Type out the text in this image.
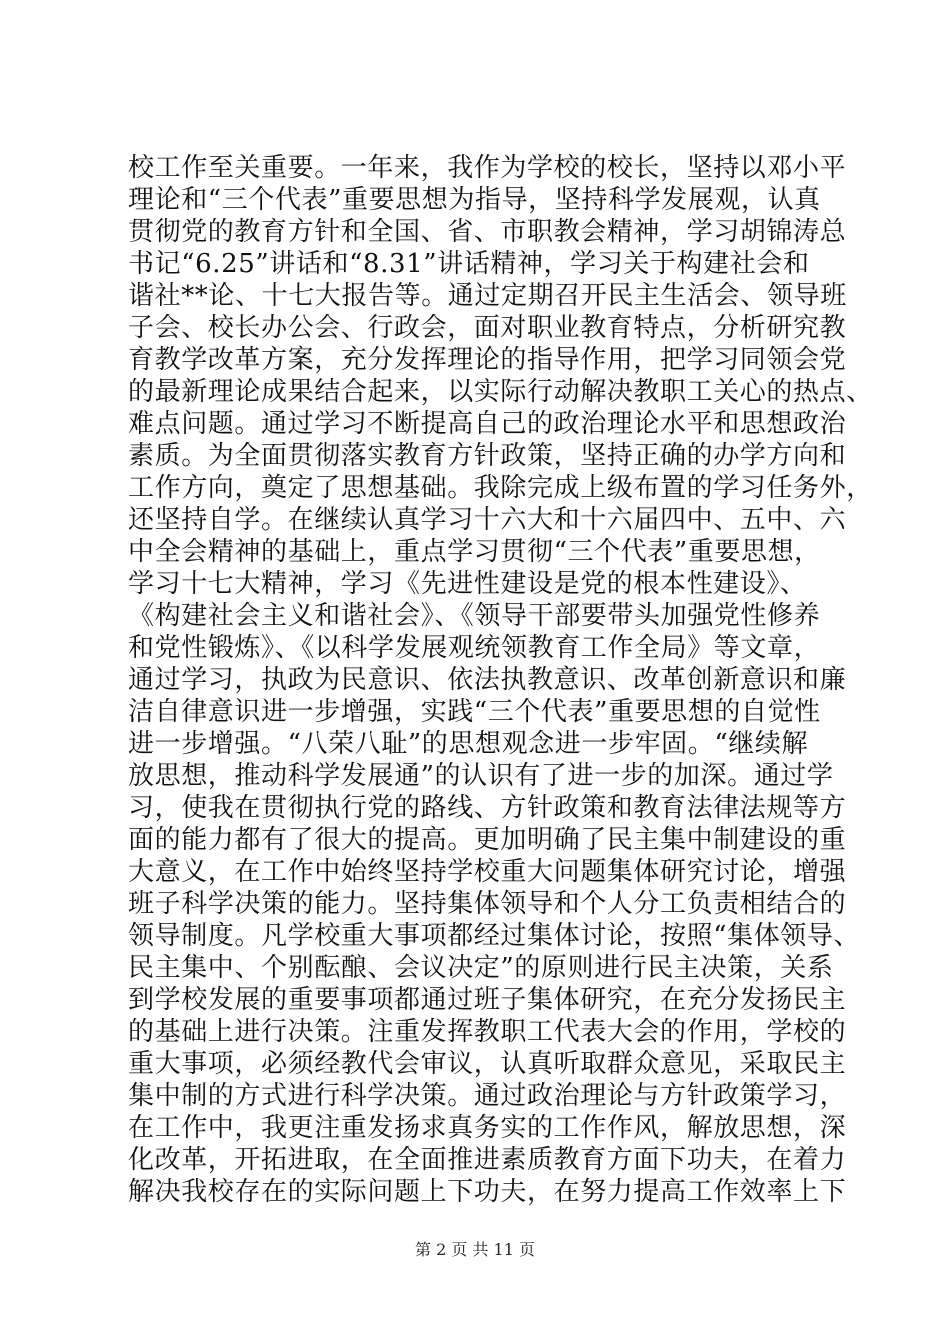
校工作至关重要。一年来，我作为学校的校长，坚持以邓小平
理论和“三个代表”重要思想为指导，坚持科学发展观，认真
贯彻党的教育方针和全国、省、市职教会精神，学习胡锦涛总
书记“6.25”讲话和“8.31”讲话精神，学习关于构建社会和
谐社**论、十七大报告等。通过定期召开民主生活会、领导班
子会、校长办公会、行政会，面对职业教育特点，分析研究教
育教学改革方案，充分发挥理论的指导作用，把学习同领会党
的最新理论成果结合起来，以实际行动解决教职工关心的热点、
难点问题。通过学习不断提高自己的政治理论水平和思想政治
素质。为全面贯彻落实教育方针政策，坚持正确的办学方向和
工作方向，奠定了思想基础。我除完成上级布置的学习任务外，
还坚持自学。在继续认真学习十六大和十六届四中、五中、六
中全会精神的基础上，重点学习贯彻“三个代表”重要思想，
学习十七大精神，学习《先进性建设是党的根本性建设》、
《构建社会主义和谐社会》、《领导干部要带头加强党性修养
和党性锻炼》、《以科学发展观统领教育工作全局》等文章，
通过学习，执政为民意识、依法执教意识、改革创新意识和廉
洁自律意识进一步增强，实践“三个代表”重要思想的自觉性
进一步增强。“八荣八耻”的思想观念进一步牢固。“继续解
放思想，推动科学发展通”的认识有了进一步的加深。通过学
习，使我在贯彻执行党的路线、方针政策和教育法律法规等方
面的能力都有了很大的提高。更加明确了民主集中制建设的重
大意义，在工作中始终坚持学校重大问题集体研究讨论，增强
班子科学决策的能力。坚持集体领导和个人分工负责相结合的
领导制度。凡学校重大事项都经过集体讨论，按照“集体领导、
民主集中、个别酝酿、会议决定”的原则进行民主决策，关系
到学校发展的重要事项都通过班子集体研究，在充分发扬民主
的基础上进行决策。注重发挥教职工代表大会的作用，学校的
重大事项，必须经教代会审议，认真听取群众意见，采取民主
集中制的方式进行科学决策。通过政治理论与方针政策学习，
在工作中，我更注重发扬求真务实的工作作风，解放思想，深
化改革，开拓进取，在全面推进素质教育方面下功夫，在着力
解决我校存在的实际问题上下功夫，在努力提高工作效率上下
第 2 页 共 11 页
